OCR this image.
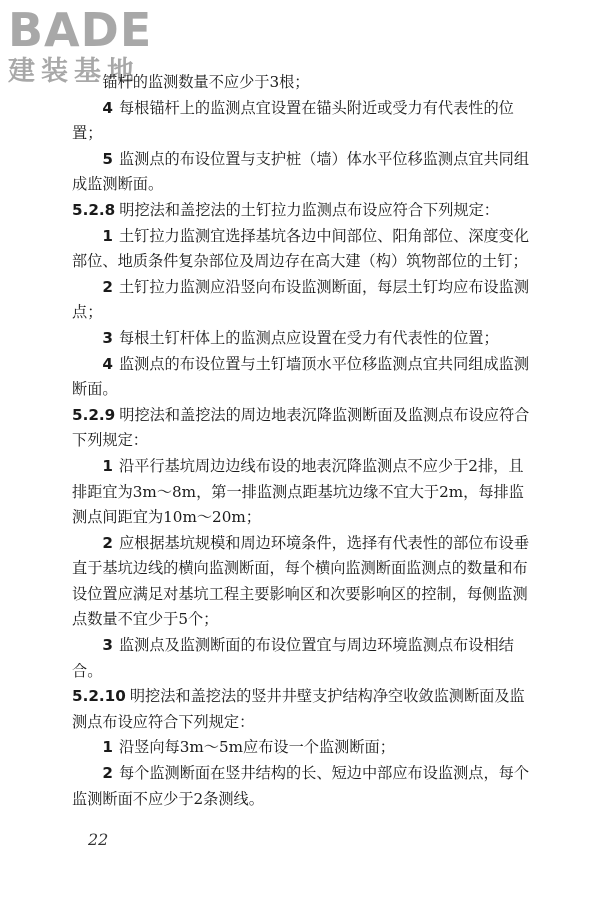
BADE
建装基地

锚杆的监测数量不应少于3根；

4 每根锚杆上的监测点宜设置在锚头附近或受力有代表性的位置；

5 监测点的布设位置与支护桩（墙）体水平位移监测点宜共同组成监测断面。

5.2.8 明挖法和盖挖法的土钉拉力监测点布设应符合下列规定：

1 土钉拉力监测宜选择基坑各边中间部位、阳角部位、深度变化部位、地质条件复杂部位及周边存在高大建（构）筑物部位的土钉；

2 土钉拉力监测应沿竖向布设监测断面，每层土钉均应布设监测点；

3 每根土钉杆体上的监测点应设置在受力有代表性的位置；

4 监测点的布设位置与土钉墙顶水平位移监测点宜共同组成监测断面。

5.2.9 明挖法和盖挖法的周边地表沉降监测断面及监测点布设应符合下列规定：

1 沿平行基坑周边边线布设的地表沉降监测点不应少于2排，且排距宜为3m～8m，第一排监测点距基坑边缘不宜大于2m，每排监测点间距宜为10m～20m；

2 应根据基坑规模和周边环境条件，选择有代表性的部位布设垂直于基坑边线的横向监测断面，每个横向监测断面监测点的数量和布设位置应满足对基坑工程主要影响区和次要影响区的控制，每侧监测点数量不宜少于5个；

3 监测点及监测断面的布设位置宜与周边环境监测点布设相结合。

5.2.10 明挖法和盖挖法的竖井井壁支护结构净空收敛监测断面及监测点布设应符合下列规定：

1 沿竖向每3m～5m应布设一个监测断面；

2 每个监测断面在竖井结构的长、短边中部应布设监测点，每个监测断面不应少于2条测线。

22
